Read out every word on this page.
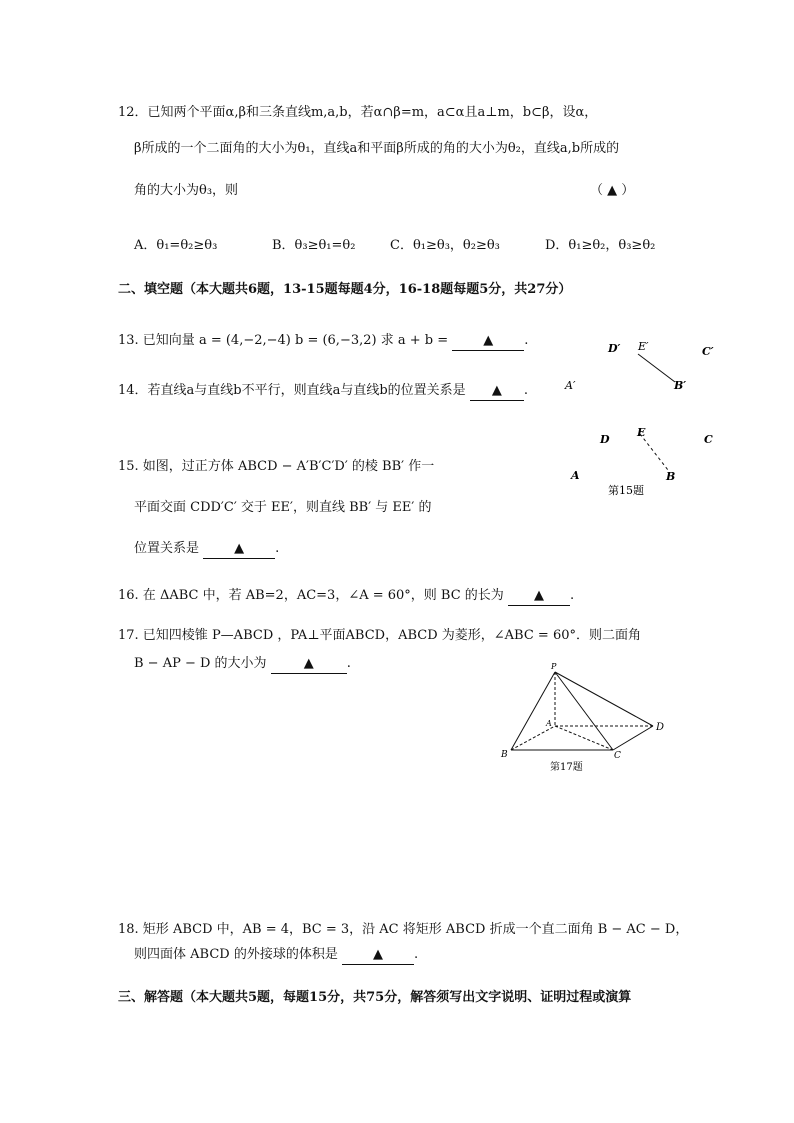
12．已知两个平面α,β和三条直线m,a,b，若α∩β=m，a⊂α且a⊥m，b⊂β，设α，
β所成的一个二面角的大小为θ₁，直线a和平面β所成的角的大小为θ₂，直线a,b所成的
角的大小为θ₃，则	（ ▲ ）
A．θ₁=θ₂≥θ₃	B．θ₃≥θ₁=θ₂	C．θ₁≥θ₃，θ₂≥θ₃	D．θ₁≥θ₂，θ₃≥θ₂
二、填空题（本大题共6题，13-15题每题4分，16-18题每题5分，共27分）
13. 已知向量 a = (4,−2,−4) b = (6,−3,2) 求 a + b =	▲ .
14．若直线a与直线b不平行，则直线a与直线b的位置关系是 ▲ .
15. 如图，过正方体 ABCD − A′B′C′D′ 的棱 BB′ 作一
平面交面 CDD′C′ 交于 EE′，则直线 BB′ 与 EE′ 的
位置关系是	▲ .
D′ E′	C′
B′
A′
D
E
C
A	B
第15题
16. 在 ΔABC 中，若 AB=2，AC=3，∠A = 60°，则 BC 的长为 ▲ .
17. 已知四棱锥 P—ABCD ，PA⊥平面ABCD，ABCD 为菱形，∠ABC = 60°．则二面角
B − AP − D 的大小为	▲	.	P
A
B	C
D
第17题
18. 矩形 ABCD 中，AB = 4，BC = 3，沿 AC 将矩形 ABCD 折成一个直二面角 B − AC − D，
则四面体 ABCD 的外接球的体积是	▲ .
三、解答题（本大题共5题，每题15分，共75分，解答须写出文字说明、证明过程或演算
